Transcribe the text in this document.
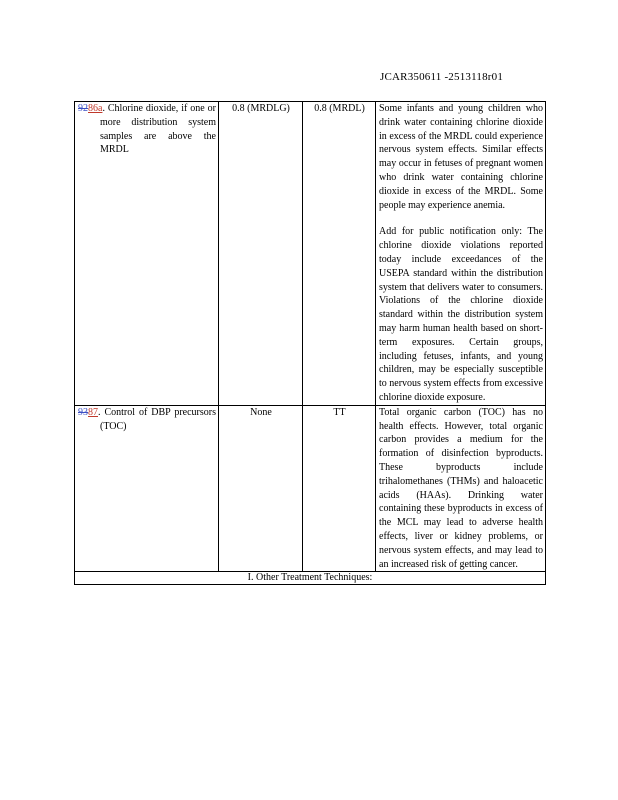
JCAR350611 -2513118r01
9286a. Chlorine dioxide, if one or more distribution system samples are above the MRDL	0.8 (MRDLG)	0.8 (MRDL)	Some infants and young children who drink water containing chlorine dioxide in excess of the MRDL could experience nervous system effects. Similar effects may occur in fetuses of pregnant women who drink water containing chlorine dioxide in excess of the MRDL. Some people may experience anemia.

Add for public notification only: The chlorine dioxide violations reported today include exceedances of the USEPA standard within the distribution system that delivers water to consumers. Violations of the chlorine dioxide standard within the distribution system may harm human health based on short-term exposures. Certain groups, including fetuses, infants, and young children, may be especially susceptible to nervous system effects from excessive chlorine dioxide exposure.

9387. Control of DBP precursors (TOC)	None	TT	Total organic carbon (TOC) has no health effects. However, total organic carbon provides a medium for the formation of disinfection byproducts. These byproducts include trihalomethanes (THMs) and haloacetic acids (HAAs). Drinking water containing these byproducts in excess of the MCL may lead to adverse health effects, liver or kidney problems, or nervous system effects, and may lead to an increased risk of getting cancer.

I. Other Treatment Techniques:			
